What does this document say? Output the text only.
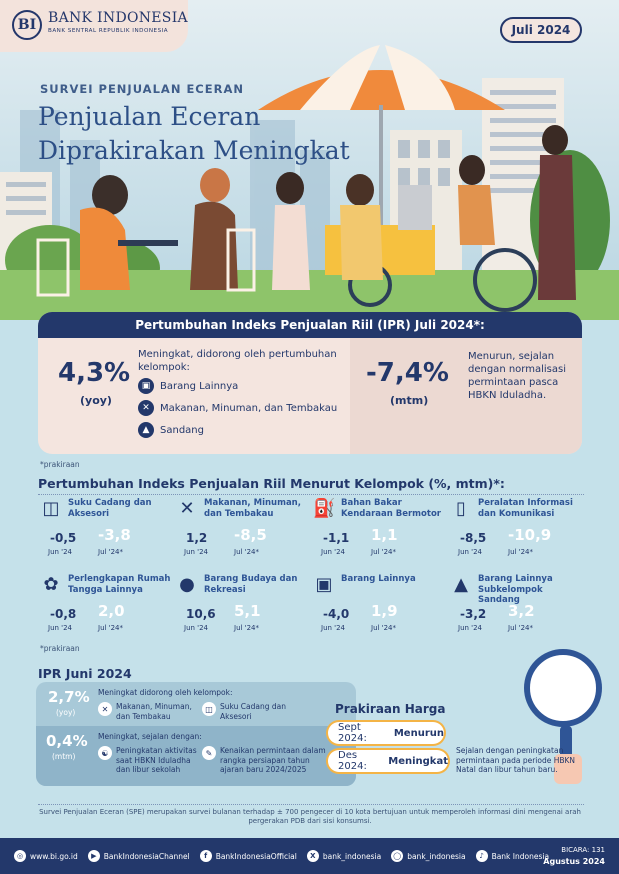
BI BANK INDONESIA
BANK SENTRAL REPUBLIK INDONESIA	Juli 2024
SURVEI PENJUALAN ECERAN
Penjualan Eceran
Diprakirakan Meningkat
Pertumbuhan Indeks Penjualan Riil (IPR) Juli 2024*:
4,3%
(yoy)
Meningkat, didorong oleh pertumbuhan kelompok:
▣ Barang Lainnya
✕	Makanan, Minuman, dan Tembakau
▲	Sandang
-7,4%
(mtm)
Menurun, sejalan dengan normalisasi permintaan pasca HBKN Iduladha.
*prakiraan
Pertumbuhan Indeks Penjualan Riil Menurut Kelompok (%, mtm)*:
◫ Suku Cadang dan Aksesori
-0,5 -3,8
Jun '24	Jul '24*
✕	Makanan, Minuman, dan Tembakau
1,2 -8,5
Jun '24	Jul '24*
⛽ Bahan Bakar Kendaraan Bermotor
-1,1 1,1
Jun '24	Jul '24*
▯	Peralatan Informasi dan Komunikasi
-8,5 -10,9
Jun '24	Jul '24*
✿	Perlengkapan Rumah Tangga Lainnya
-0,8 2,0
Jun '24	Jul '24*
●	Barang Budaya dan Rekreasi
10,6 5,1
Jun '24	Jul '24*
▣ Barang Lainnya
-4,0 1,9
Jun '24	Jul '24*
▲	Barang Lainnya Subkelompok Sandang
-3,2 3,2
Jun '24	Jul '24*
*prakiraan
IPR Juni 2024
2,7%
(yoy)
Meningkat didorong oleh kelompok:
✕	Makanan, Minuman, dan Tembakau
◫ Suku Cadang dan Aksesori
0,4%
(mtm)
Meningkat, sejalan dengan:
☯ Peningkatan aktivitas saat HBKN Iduladha dan libur sekolah
✎	Kenaikan permintaan dalam rangka persiapan tahun ajaran baru 2024/2025
Prakiraan Harga
Sept 2024:	Menurun
Des 2024:	Meningkat
Sejalan dengan peningkatan permintaan pada periode HBKN Natal dan libur tahun baru.
Survei Penjualan Eceran (SPE) merupakan survei bulanan terhadap ± 700 pengecer di 10 kota bertujuan untuk memperoleh informasi dini mengenai arah pergerakan PDB dari sisi konsumsi.
◎ www.bi.go.id	▶ BankIndonesiaChannel	f	BankIndonesiaOfficial	X bank_indonesia ◯ bank_indonesia	♪	Bank Indonesia
BICARA: 131
Agustus 2024
